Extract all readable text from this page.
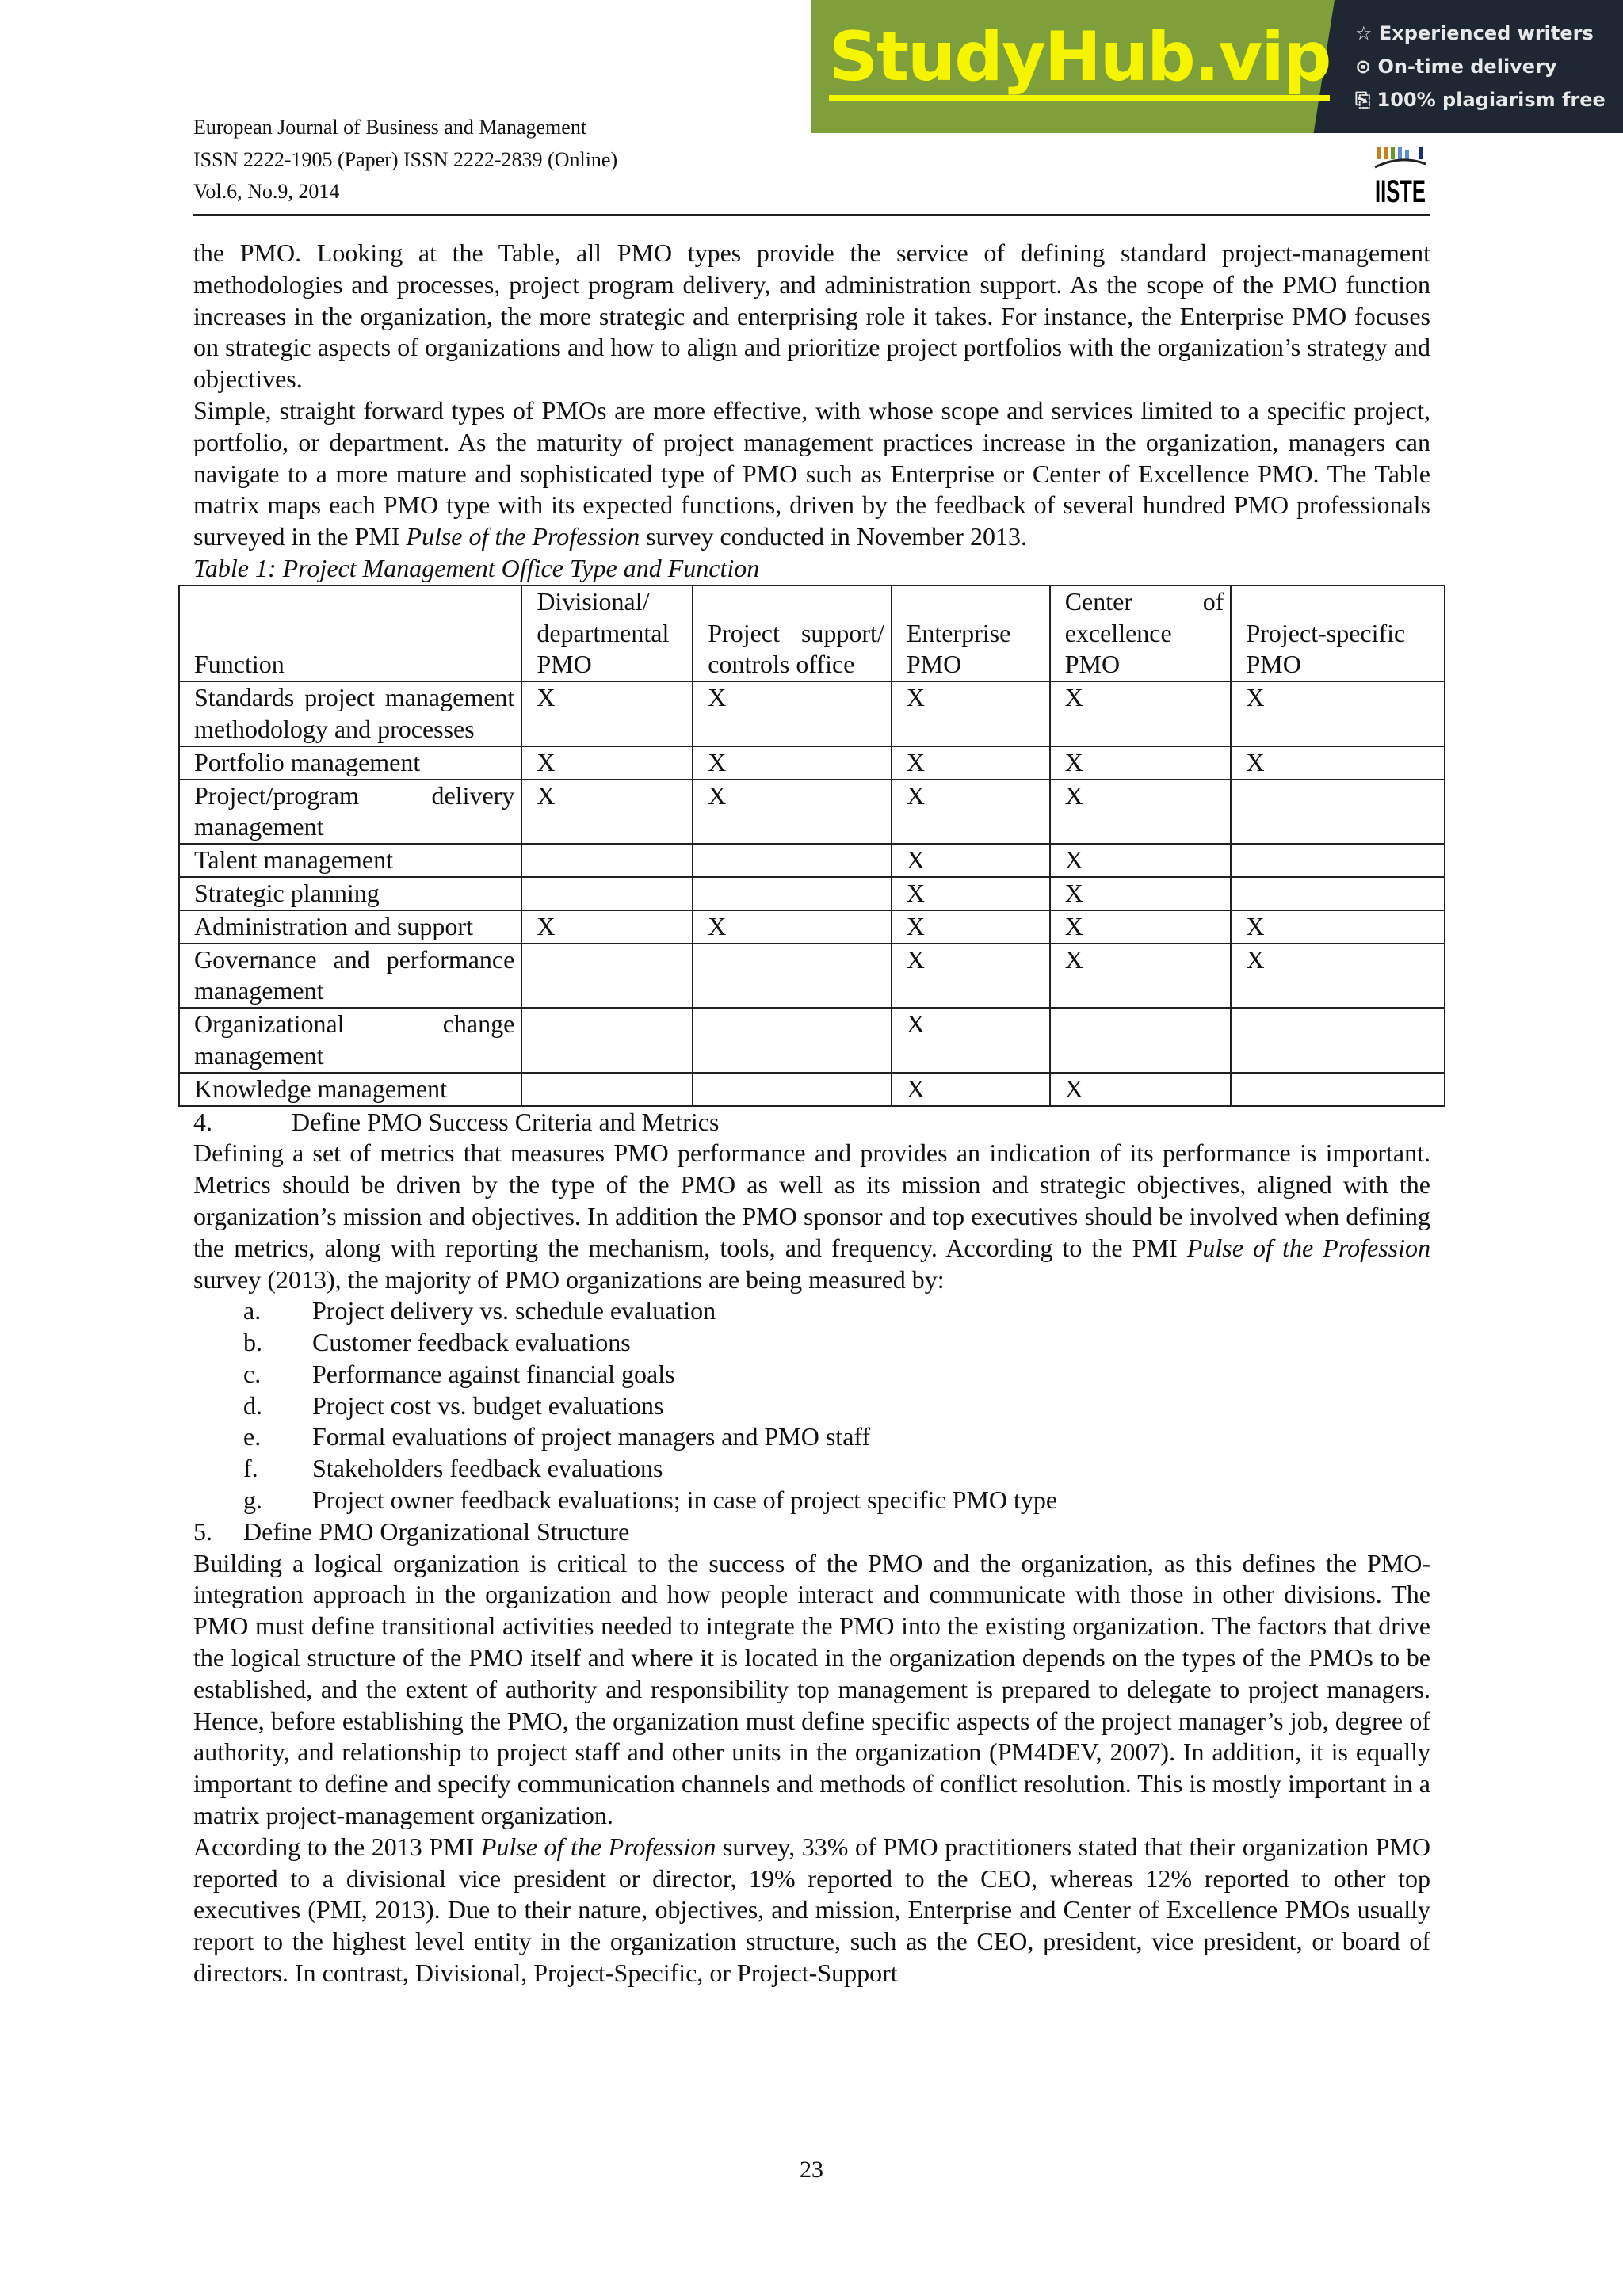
European Journal of Business and Management
ISSN 2222-1905 (Paper) ISSN 2222-2839 (Online)
Vol.6, No.9, 2014
StudyHub.vip ☆ Experienced writers
⊙ On-time delivery
⎘ 100% plagiarism free
IISTE

the PMO. Looking at the Table, all PMO types provide the service of defining standard project-management methodologies and processes, project program delivery, and administration support. As the scope of the PMO function increases in the organization, the more strategic and enterprising role it takes. For instance, the Enterprise PMO focuses on strategic aspects of organizations and how to align and prioritize project portfolios with the organization’s strategy and objectives.

Simple, straight forward types of PMOs are more effective, with whose scope and services limited to a specific project, portfolio, or department. As the maturity of project management practices increase in the organization, managers can navigate to a more mature and sophisticated type of PMO such as Enterprise or Center of Excellence PMO. The Table matrix maps each PMO type with its expected functions, driven by the feedback of several hundred PMO professionals surveyed in the PMI Pulse of the Profession survey conducted in November 2013.

Table 1: Project Management Office Type and Function
Function	Divisional/ departmental PMO	Project support/ controls office	Enterprise PMO	Center of excellence PMO	Project-specific PMO
Standards project management methodology and processes	X	X	X	X	X
Portfolio management	X	X	X	X	X
Project/program delivery management	X	X	X	X	
Talent management			X	X	
Strategic planning			X	X	
Administration and support	X	X	X	X	X
Governance and performance management			X	X	X
Organizational change management			X		
Knowledge management			X	X	
4.	Define PMO Success Criteria and Metrics

Defining a set of metrics that measures PMO performance and provides an indication of its performance is important. Metrics should be driven by the type of the PMO as well as its mission and strategic objectives, aligned with the organization’s mission and objectives. In addition the PMO sponsor and top executives should be involved when defining the metrics, along with reporting the mechanism, tools, and frequency. According to the PMI Pulse of the Profession survey (2013), the majority of PMO organizations are being measured by:

a.	Project delivery vs. schedule evaluation
b.	Customer feedback evaluations
c.	Performance against financial goals
d.	Project cost vs. budget evaluations
e.	Formal evaluations of project managers and PMO staff
f.	Stakeholders feedback evaluations
g.	Project owner feedback evaluations; in case of project specific PMO type
5.	Define PMO Organizational Structure

Building a logical organization is critical to the success of the PMO and the organization, as this defines the PMO-integration approach in the organization and how people interact and communicate with those in other divisions. The PMO must define transitional activities needed to integrate the PMO into the existing organization. The factors that drive the logical structure of the PMO itself and where it is located in the organization depends on the types of the PMOs to be established, and the extent of authority and responsibility top management is prepared to delegate to project managers. Hence, before establishing the PMO, the organization must define specific aspects of the project manager’s job, degree of authority, and relationship to project staff and other units in the organization (PM4DEV, 2007). In addition, it is equally important to define and specify communication channels and methods of conflict resolution. This is mostly important in a matrix project-management organization.

According to the 2013 PMI Pulse of the Profession survey, 33% of PMO practitioners stated that their organization PMO reported to a divisional vice president or director, 19% reported to the CEO, whereas 12% reported to other top executives (PMI, 2013). Due to their nature, objectives, and mission, Enterprise and Center of Excellence PMOs usually report to the highest level entity in the organization structure, such as the CEO, president, vice president, or board of directors. In contrast, Divisional, Project-Specific, or Project-Support

23
